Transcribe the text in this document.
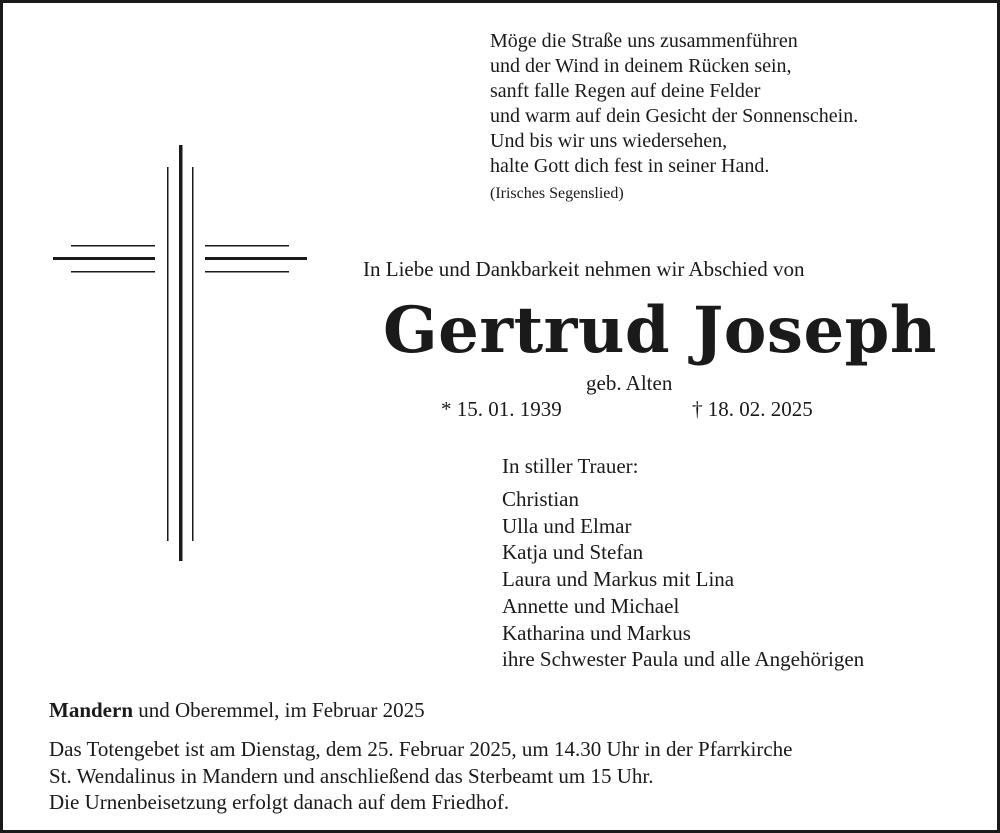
Möge die Straße uns zusammenführen
und der Wind in deinem Rücken sein,
sanft falle Regen auf deine Felder
und warm auf dein Gesicht der Sonnenschein.
Und bis wir uns wiedersehen,
halte Gott dich fest in seiner Hand.
(Irisches Segenslied)
In Liebe und Dankbarkeit nehmen wir Abschied von
Gertrud Joseph
geb. Alten
* 15. 01. 1939	† 18. 02. 2025
In stiller Trauer:
Christian
Ulla und Elmar
Katja und Stefan
Laura und Markus mit Lina
Annette und Michael
Katharina und Markus
ihre Schwester Paula und alle Angehörigen
Mandern und Oberemmel, im Februar 2025
Das Totengebet ist am Dienstag, dem 25. Februar 2025, um 14.30 Uhr in der Pfarrkirche
St. Wendalinus in Mandern und anschließend das Sterbeamt um 15 Uhr.
Die Urnenbeisetzung erfolgt danach auf dem Friedhof.
